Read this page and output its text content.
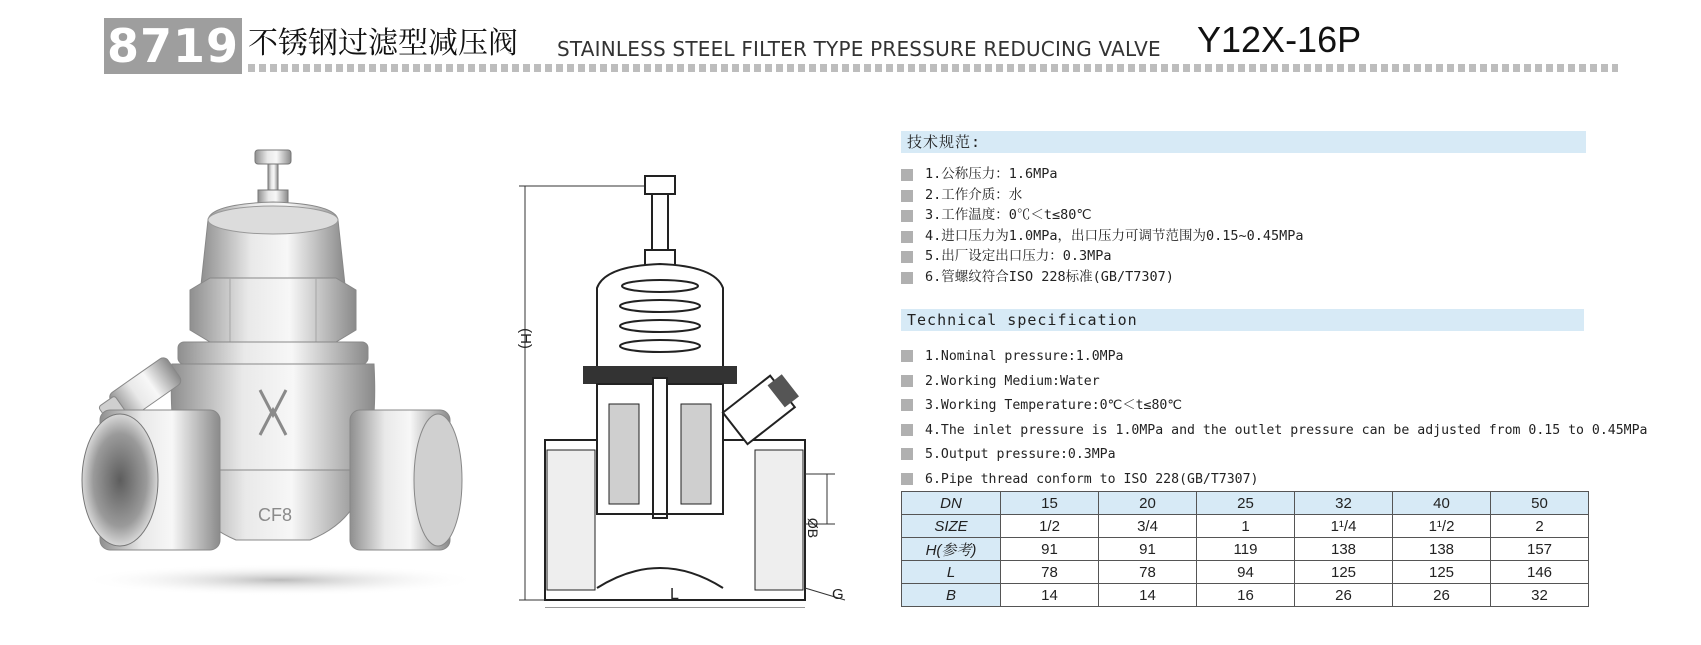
8719 不锈钢过滤型减压阀 STAINLESS STEEL FILTER TYPE PRESSURE REDUCING VALVE Y12X-16P
CF8
(H)
L
ØB
G
技术规范:
1.公称压力：1.6MPa
2.工作介质：水
3.工作温度：0℃＜t≤80℃
4.进口压力为1.0MPa，出口压力可调节范围为0.15~0.45MPa
5.出厂设定出口压力：0.3MPa
6.管螺纹符合ISO 228标准(GB/T7307)
Technical specification
1.Nominal pressure:1.0MPa
2.Working Medium:Water
3.Working Temperature:0℃＜t≤80℃
4.The inlet pressure is 1.0MPa and the outlet pressure can be adjusted from 0.15 to 0.45MPa
5.Output pressure:0.3MPa
6.Pipe thread conform to ISO 228(GB/T7307)
DN	15	20	25	32	40	50
SIZE	1/2	3/4	1	1¹/4	1¹/2	2
H(参考)	91	91	119	138	138	157
L	78	78	94	125	125	146
B	14	14	16	26	26	32
